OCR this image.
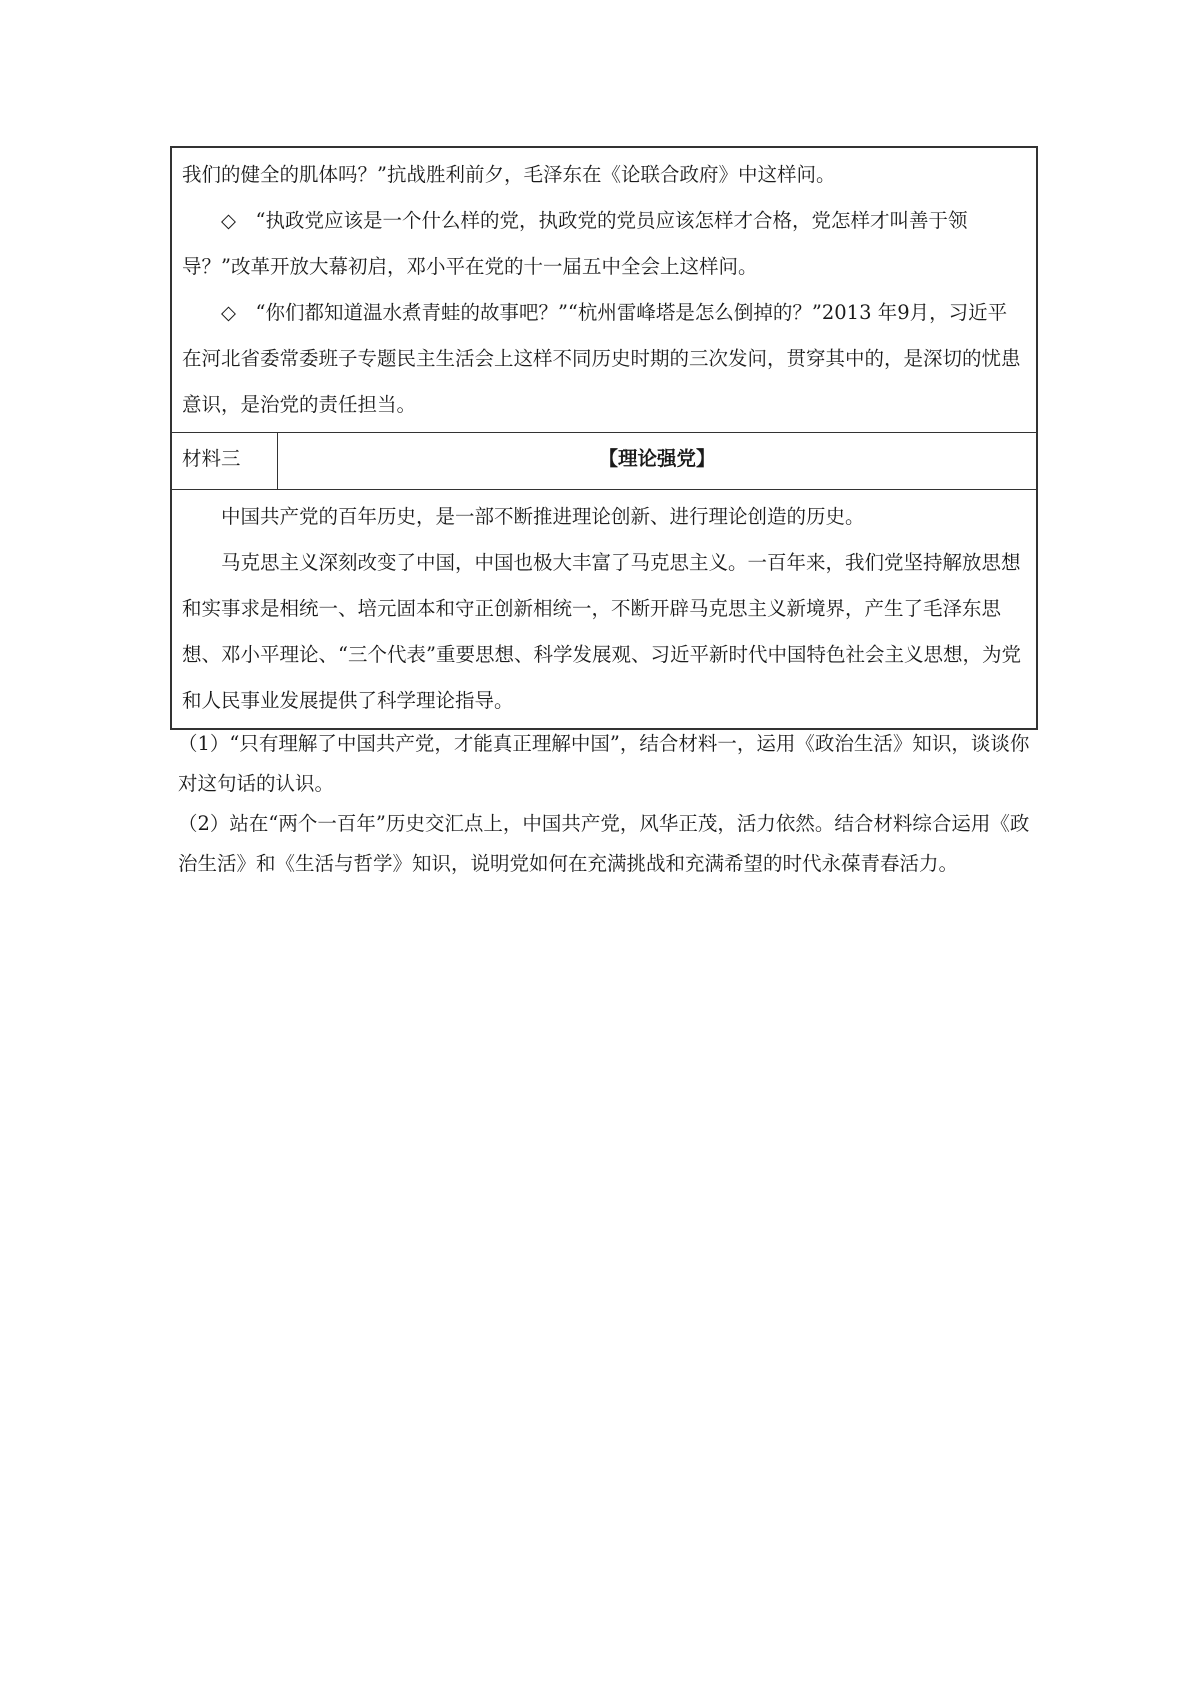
我们的健全的肌体吗？”抗战胜利前夕，毛泽东在《论联合政府》中这样问。

◇　“执政党应该是一个什么样的党，执政党的党员应该怎样才合格，党怎样才叫善于领导？”改革开放大幕初启，邓小平在党的十一届五中全会上这样问。

◇　“你们都知道温水煮青蛙的故事吧？”“杭州雷峰塔是怎么倒掉的？”2013 年9月，习近平在河北省委常委班子专题民主生活会上这样不同历史时期的三次发问，贯穿其中的，是深切的忧患意识，是治党的责任担当。

材料三	【理论强党】

中国共产党的百年历史，是一部不断推进理论创新、进行理论创造的历史。

马克思主义深刻改变了中国，中国也极大丰富了马克思主义。一百年来，我们党坚持解放思想和实事求是相统一、培元固本和守正创新相统一，不断开辟马克思主义新境界，产生了毛泽东思想、邓小平理论、“三个代表”重要思想、科学发展观、习近平新时代中国特色社会主义思想，为党和人民事业发展提供了科学理论指导。

（1）“只有理解了中国共产党，才能真正理解中国”，结合材料一，运用《政治生活》知识，谈谈你对这句话的认识。

（2）站在“两个一百年”历史交汇点上，中国共产党，风华正茂，活力依然。结合材料综合运用《政治生活》和《生活与哲学》知识，说明党如何在充满挑战和充满希望的时代永葆青春活力。
